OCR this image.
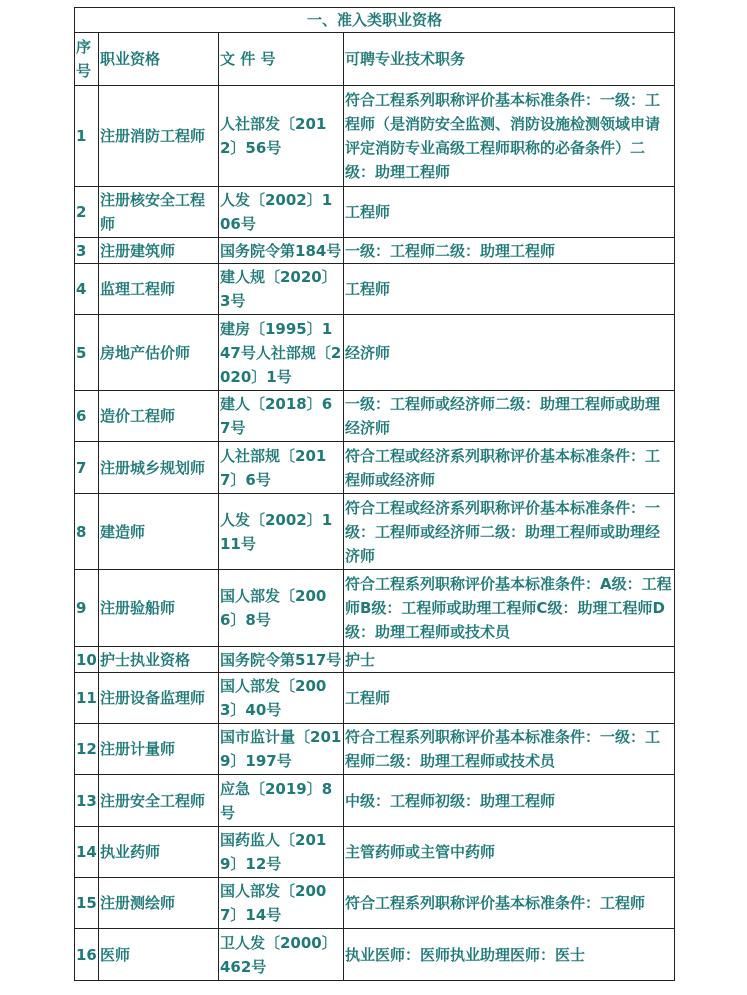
一、准入类职业资格			
序号	职业资格	文 件 号	可聘专业技术职务
1	注册消防工程师	人社部发〔2012〕56号	符合工程系列职称评价基本标准条件：一级：工程师（是消防安全监测、消防设施检测领域申请评定消防专业高级工程师职称的必备条件）二级：助理工程师
2	注册核安全工程师	人发〔2002〕106号	工程师
3	注册建筑师	国务院令第184号	一级：工程师二级：助理工程师
4	监理工程师	建人规〔2020〕3号	工程师
5	房地产估价师	建房〔1995〕147号人社部规〔2020〕1号	经济师
6	造价工程师	建人〔2018〕67号	一级：工程师或经济师二级：助理工程师或助理经济师
7	注册城乡规划师	人社部规〔2017〕6号	符合工程或经济系列职称评价基本标准条件：工程师或经济师
8	建造师	人发〔2002〕111号	符合工程或经济系列职称评价基本标准条件：一级：工程师或经济师二级：助理工程师或助理经济师
9	注册验船师	国人部发〔2006〕8号	符合工程系列职称评价基本标准条件：A级：工程师B级：工程师或助理工程师C级：助理工程师D级：助理工程师或技术员
10	护士执业资格	国务院令第517号	护士
11	注册设备监理师	国人部发〔2003〕40号	工程师
12	注册计量师	国市监计量〔2019〕197号	符合工程系列职称评价基本标准条件：一级：工程师二级：助理工程师或技术员
13	注册安全工程师	应急〔2019〕8号	中级：工程师初级：助理工程师
14	执业药师	国药监人〔2019〕12号	主管药师或主管中药师
15	注册测绘师	国人部发〔2007〕14号	符合工程系列职称评价基本标准条件：工程师
16	医师	卫人发〔2000〕462号	执业医师：医师执业助理医师：医士
